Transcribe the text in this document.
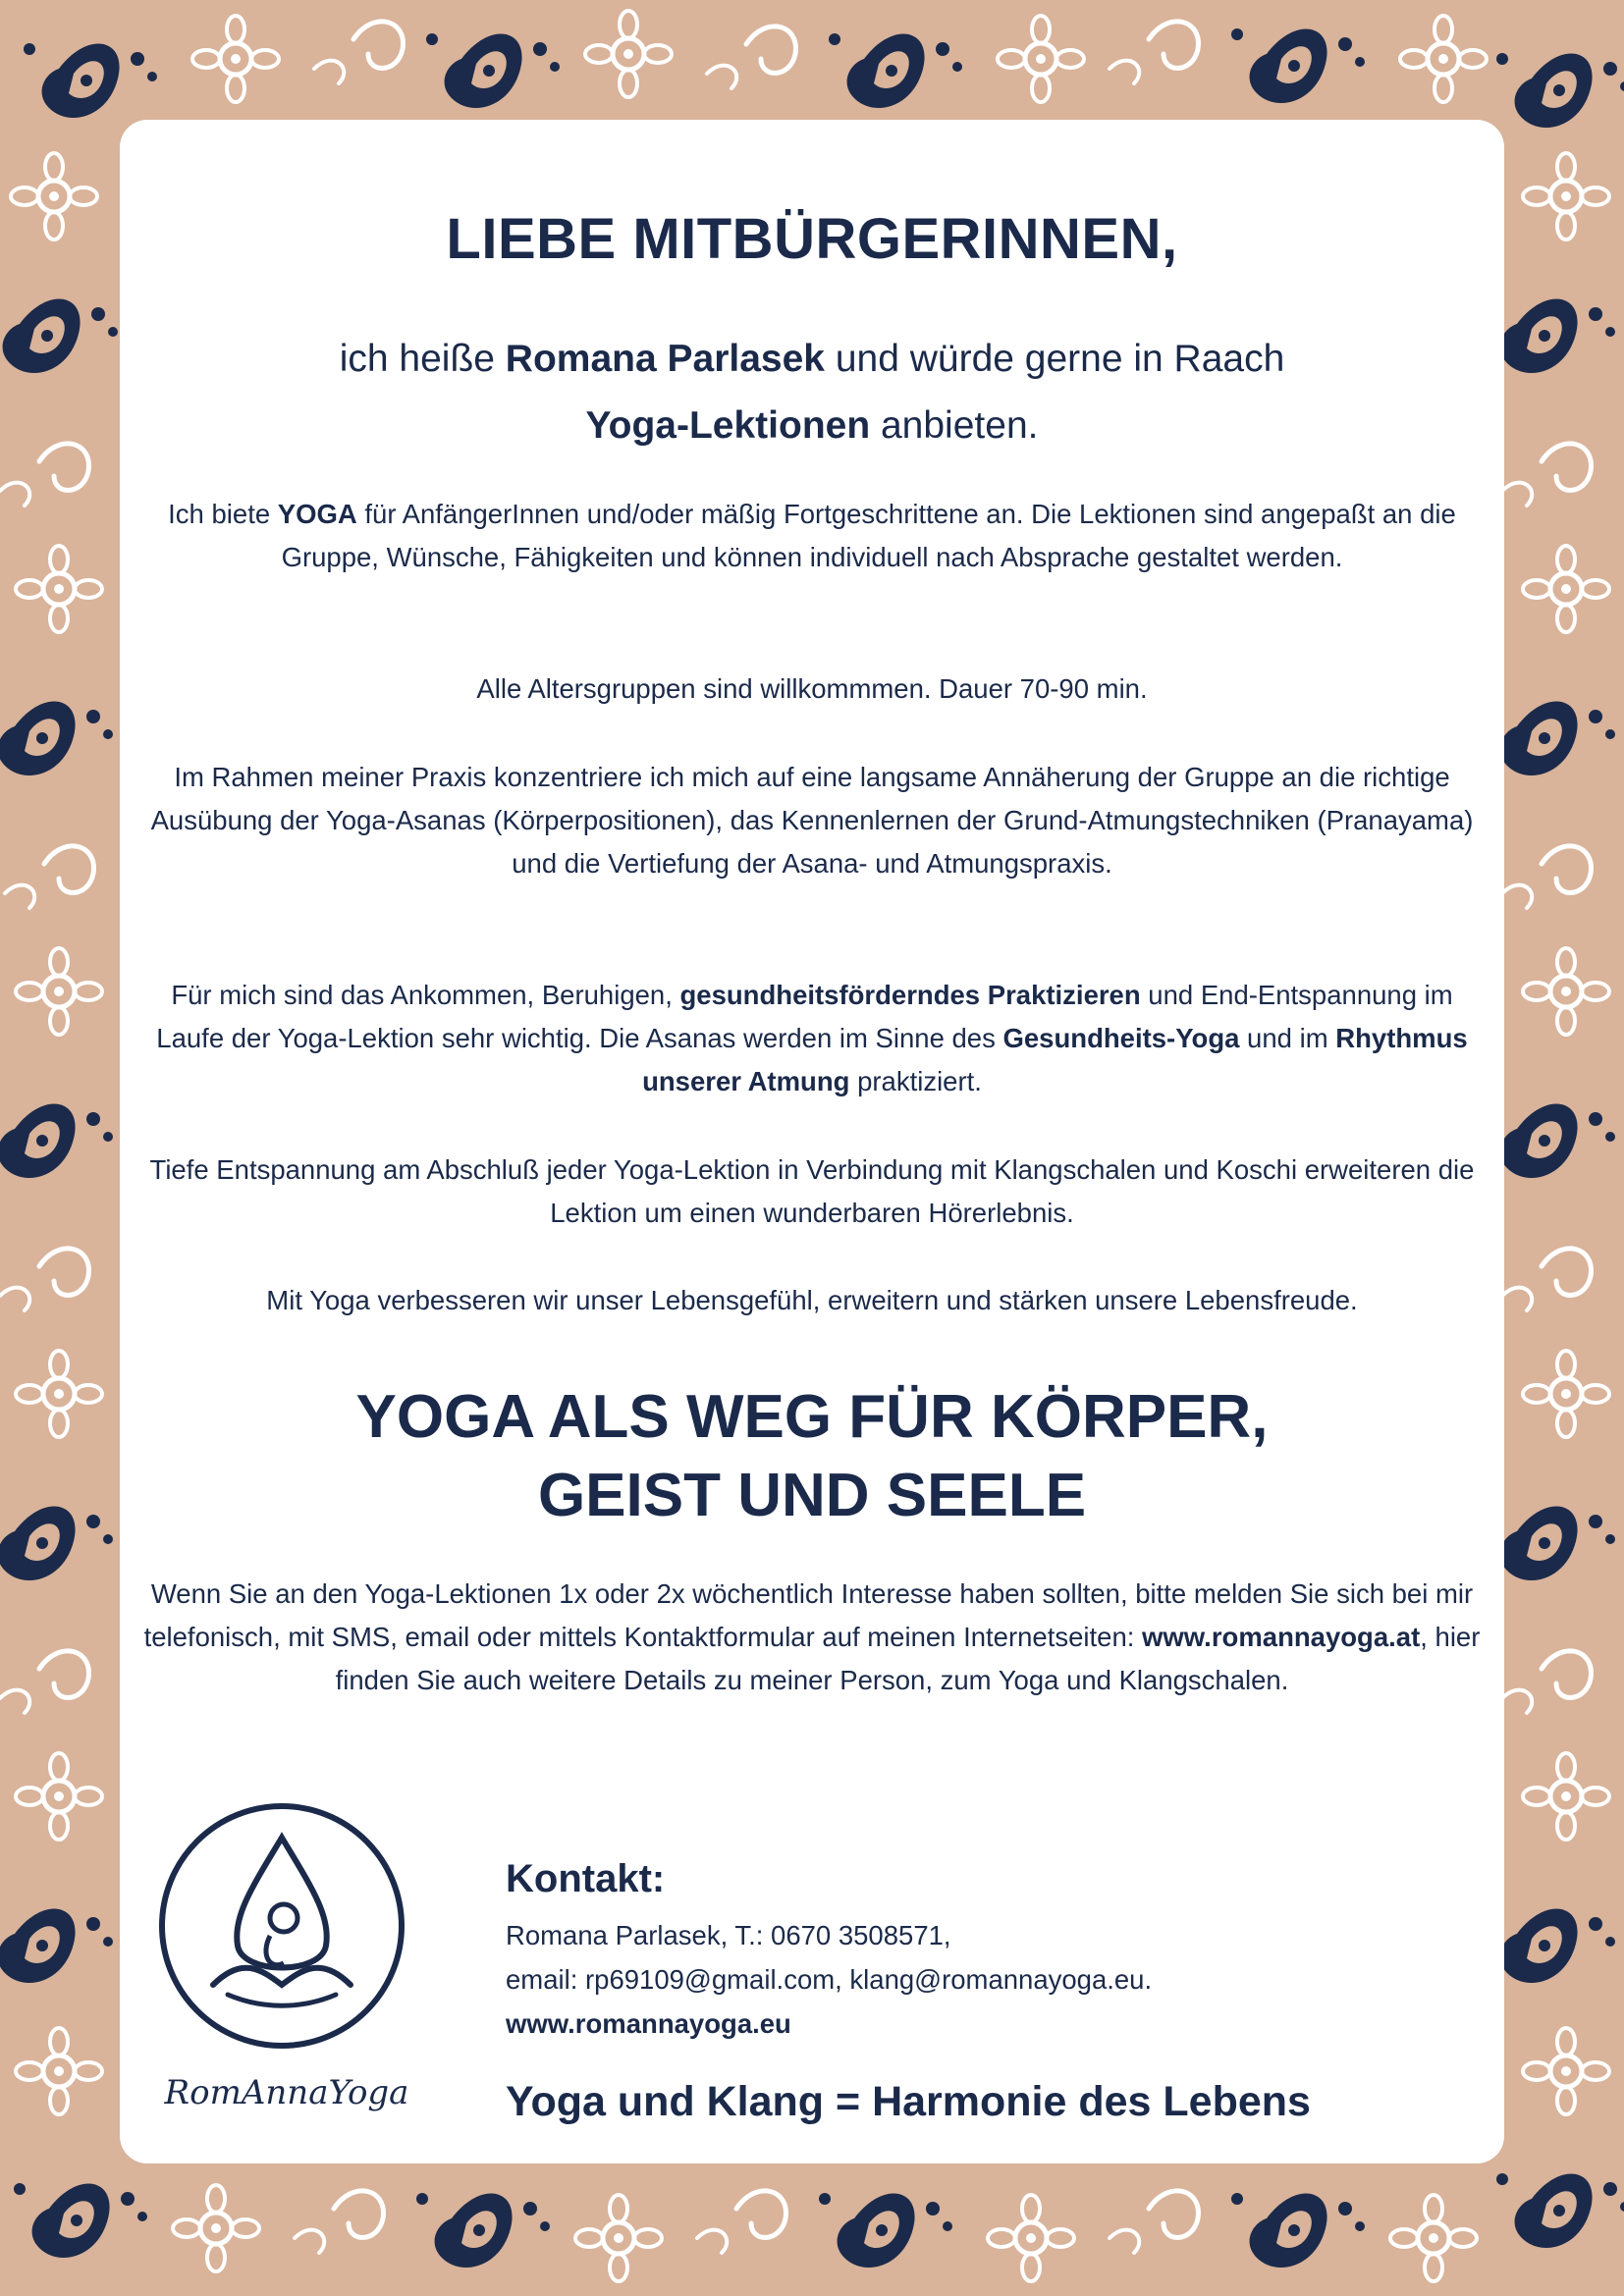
LIEBE MITBÜRGERINNEN,

ich heiße Romana Parlasek und würde gerne in Raach
Yoga-Lektionen anbieten.

Ich biete YOGA für AnfängerInnen und/oder mäßig Fortgeschrittene an. Die Lektionen sind angepaßt an die Gruppe, Wünsche, Fähigkeiten und können individuell nach Absprache gestaltet werden.

Alle Altersgruppen sind willkommmen. Dauer 70-90 min.

Im Rahmen meiner Praxis konzentriere ich mich auf eine langsame Annäherung der Gruppe an die richtige Ausübung der Yoga-Asanas (Körperpositionen), das Kennenlernen der Grund-Atmungstechniken (Pranayama) und die Vertiefung der Asana- und Atmungspraxis.

Für mich sind das Ankommen, Beruhigen, gesundheitsförderndes Praktizieren und End-Entspannung im Laufe der Yoga-Lektion sehr wichtig. Die Asanas werden im Sinne des Gesundheits-Yoga und im Rhythmus unserer Atmung praktiziert.

Tiefe Entspannung am Abschluß jeder Yoga-Lektion in Verbindung mit Klangschalen und Koschi erweiteren die Lektion um einen wunderbaren Hörerlebnis.

Mit Yoga verbesseren wir unser Lebensgefühl, erweitern und stärken unsere Lebensfreude.

YOGA ALS WEG FÜR KÖRPER,
GEIST UND SEELE

Wenn Sie an den Yoga-Lektionen 1x oder 2x wöchentlich Interesse haben sollten, bitte melden Sie sich bei mir telefonisch, mit SMS, email oder mittels Kontaktformular auf meinen Internetseiten: www.romannayoga.at, hier finden Sie auch weitere Details zu meiner Person, zum Yoga und Klangschalen.

RomAnnaYoga

Kontakt:

Romana Parlasek, T.: 0670 3508571,

email: rp69109@gmail.com, klang@romannayoga.eu.

www.romannayoga.eu

Yoga und Klang = Harmonie des Lebens
